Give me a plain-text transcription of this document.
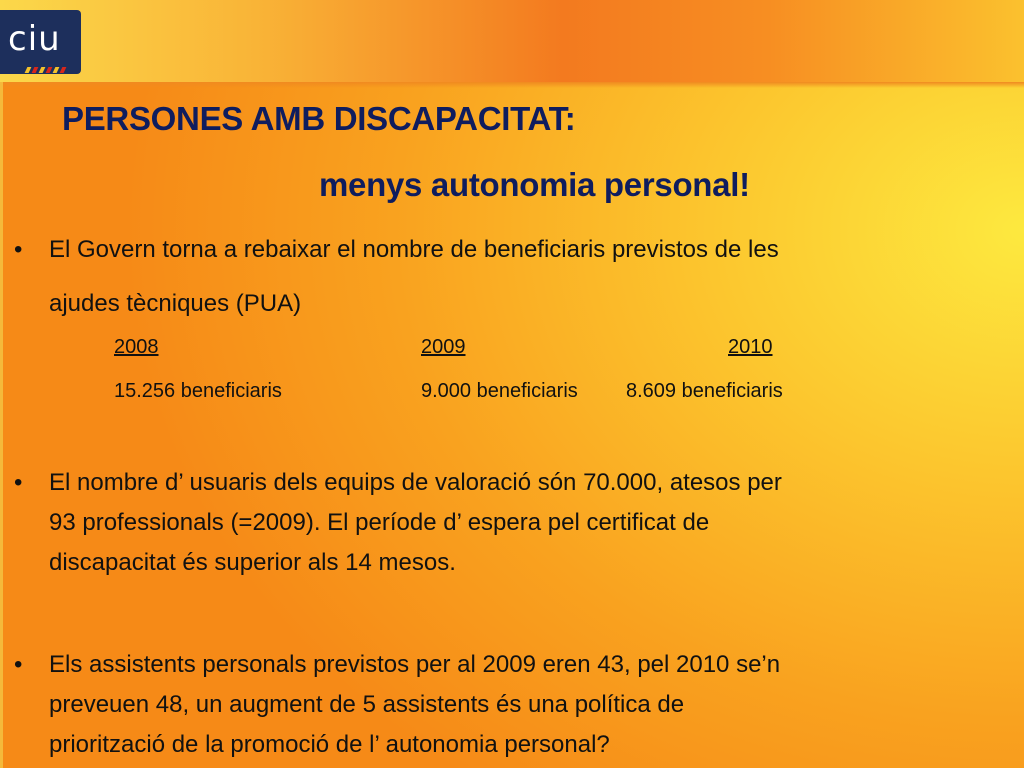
ciu
PERSONES AMB DISCAPACITAT:
menys autonomia personal!
• El Govern torna a rebaixar el nombre de beneficiaris previstos de les
ajudes tècniques (PUA)

2008	2009	2010
15.256 beneficiaris	9.000 beneficiaris 8.609 beneficiaris
• El nombre d’ usuaris dels equips de valoració són 70.000, atesos per
93 professionals (=2009). El període d’ espera pel certificat de
discapacitat és superior als 14 mesos.

• Els assistents personals previstos per al 2009 eren 43, pel 2010 se’n
preveuen 48, un augment de 5 assistents és una política de
priorització de la promoció de l’ autonomia personal?
